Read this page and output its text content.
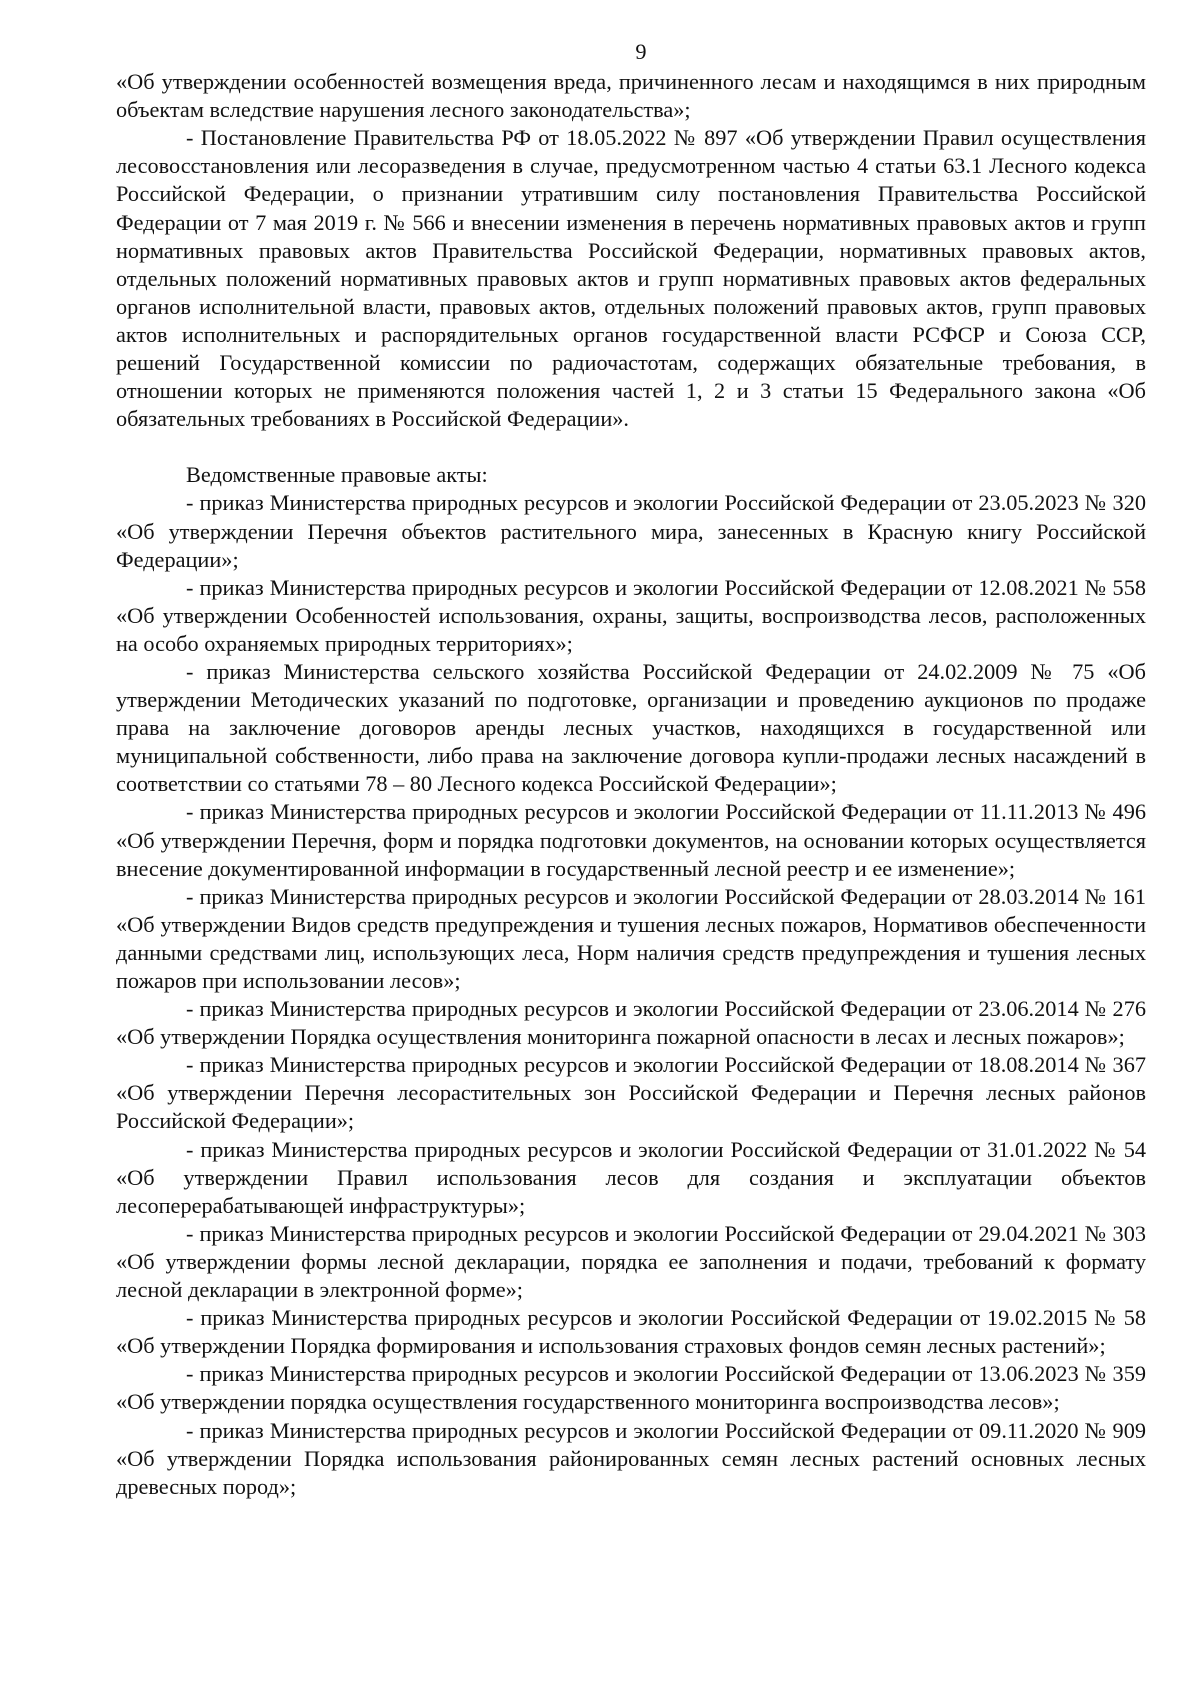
9

«Об утверждении особенностей возмещения вреда, причиненного лесам и находящимся в них природным объектам вследствие нарушения лесного законодательства»;

- Постановление Правительства РФ от 18.05.2022 № 897 «Об утверждении Правил осуществления лесовосстановления или лесоразведения в случае, предусмотренном частью 4 статьи 63.1 Лесного кодекса Российской Федерации, о признании утратившим силу постановления Правительства Российской Федерации от 7 мая 2019 г. № 566 и внесении изменения в перечень нормативных правовых актов и групп нормативных правовых актов Правительства Российской Федерации, нормативных правовых актов, отдельных положений нормативных правовых актов и групп нормативных правовых актов федеральных органов исполнительной власти, правовых актов, отдельных положений правовых актов, групп правовых актов исполнительных и распорядительных органов государственной власти РСФСР и Союза ССР, решений Государственной комиссии по радиочастотам, содержащих обязательные требования, в отношении которых не применяются положения частей 1, 2 и 3 статьи 15 Федерального закона «Об обязательных требованиях в Российской Федерации».

Ведомственные правовые акты:

- приказ Министерства природных ресурсов и экологии Российской Федерации от 23.05.2023 № 320 «Об утверждении Перечня объектов растительного мира, занесенных в Красную книгу Российской Федерации»;

- приказ Министерства природных ресурсов и экологии Российской Федерации от 12.08.2021 № 558 «Об утверждении Особенностей использования, охраны, защиты, воспроизводства лесов, расположенных на особо охраняемых природных территориях»;

- приказ Министерства сельского хозяйства Российской Федерации от 24.02.2009 № 75 «Об утверждении Методических указаний по подготовке, организации и проведению аукционов по продаже права на заключение договоров аренды лесных участков, находящихся в государственной или муниципальной собственности, либо права на заключение договора купли-продажи лесных насаждений в соответствии со статьями 78 – 80 Лесного кодекса Российской Федерации»;

- приказ Министерства природных ресурсов и экологии Российской Федерации от 11.11.2013 № 496 «Об утверждении Перечня, форм и порядка подготовки документов, на основании которых осуществляется внесение документированной информации в государственный лесной реестр и ее изменение»;

- приказ Министерства природных ресурсов и экологии Российской Федерации от 28.03.2014 № 161 «Об утверждении Видов средств предупреждения и тушения лесных пожаров, Нормативов обеспеченности данными средствами лиц, использующих леса, Норм наличия средств предупреждения и тушения лесных пожаров при использовании лесов»;

- приказ Министерства природных ресурсов и экологии Российской Федерации от 23.06.2014 № 276 «Об утверждении Порядка осуществления мониторинга пожарной опасности в лесах и лесных пожаров»;

- приказ Министерства природных ресурсов и экологии Российской Федерации от 18.08.2014 № 367 «Об утверждении Перечня лесорастительных зон Российской Федерации и Перечня лесных районов Российской Федерации»;

- приказ Министерства природных ресурсов и экологии Российской Федерации от 31.01.2022 № 54 «Об утверждении Правил использования лесов для создания и эксплуатации объектов лесоперерабатывающей инфраструктуры»;

- приказ Министерства природных ресурсов и экологии Российской Федерации от 29.04.2021 № 303 «Об утверждении формы лесной декларации, порядка ее заполнения и подачи, требований к формату лесной декларации в электронной форме»;

- приказ Министерства природных ресурсов и экологии Российской Федерации от 19.02.2015 № 58 «Об утверждении Порядка формирования и использования страховых фондов семян лесных растений»;

- приказ Министерства природных ресурсов и экологии Российской Федерации от 13.06.2023 № 359 «Об утверждении порядка осуществления государственного мониторинга воспроизводства лесов»;

- приказ Министерства природных ресурсов и экологии Российской Федерации от 09.11.2020 № 909 «Об утверждении Порядка использования районированных семян лесных растений основных лесных древесных пород»;
